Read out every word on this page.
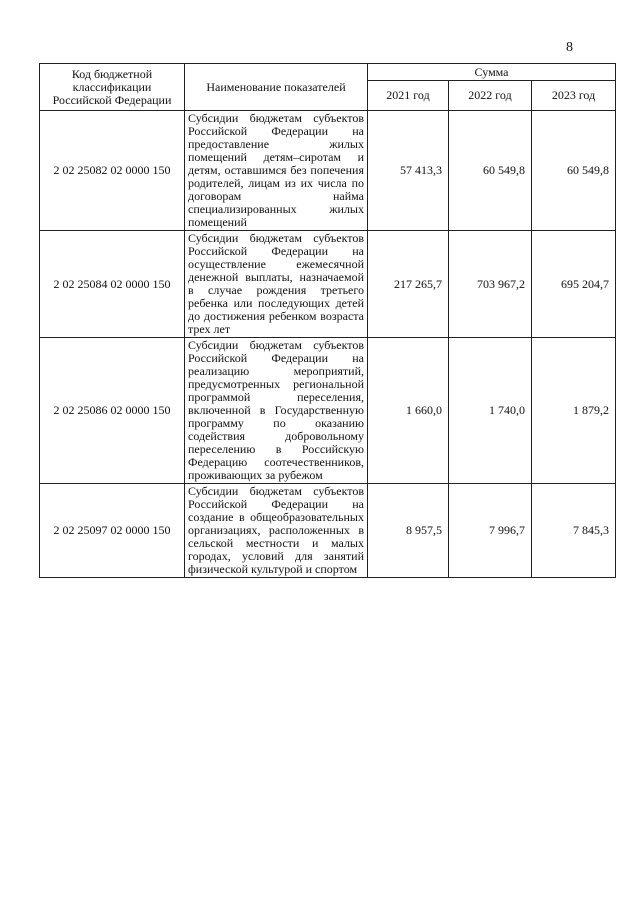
8
Код бюджетной классификации Российской Федерации	Наименование показателей	Сумма		
		2021 год	2022 год	2023 год
2 02 25082 02 0000 150	Субсидии бюджетам субъектов Российской Федерации на предоставление жилых помещений детям–сиротам и детям, оставшимся без попечения родителей, лицам из их числа по договорам найма специализированных жилых помещений	57 413,3	60 549,8	60 549,8
2 02 25084 02 0000 150	Субсидии бюджетам субъектов Российской Федерации на осуществление ежемесячной денежной выплаты, назначаемой в случае рождения третьего ребенка или последующих детей до достижения ребенком возраста трех лет	217 265,7	703 967,2	695 204,7
2 02 25086 02 0000 150	Субсидии бюджетам субъектов Российской Федерации на реализацию мероприятий, предусмотренных региональной программой переселения, включенной в Государственную программу по оказанию содействия добровольному переселению в Российскую Федерацию соотечественников, проживающих за рубежом	1 660,0	1 740,0	1 879,2
2 02 25097 02 0000 150	Субсидии бюджетам субъектов Российской Федерации на создание в общеобразовательных организациях, расположенных в сельской местности и малых городах, условий для занятий физической культурой и спортом	8 957,5	7 996,7	7 845,3
